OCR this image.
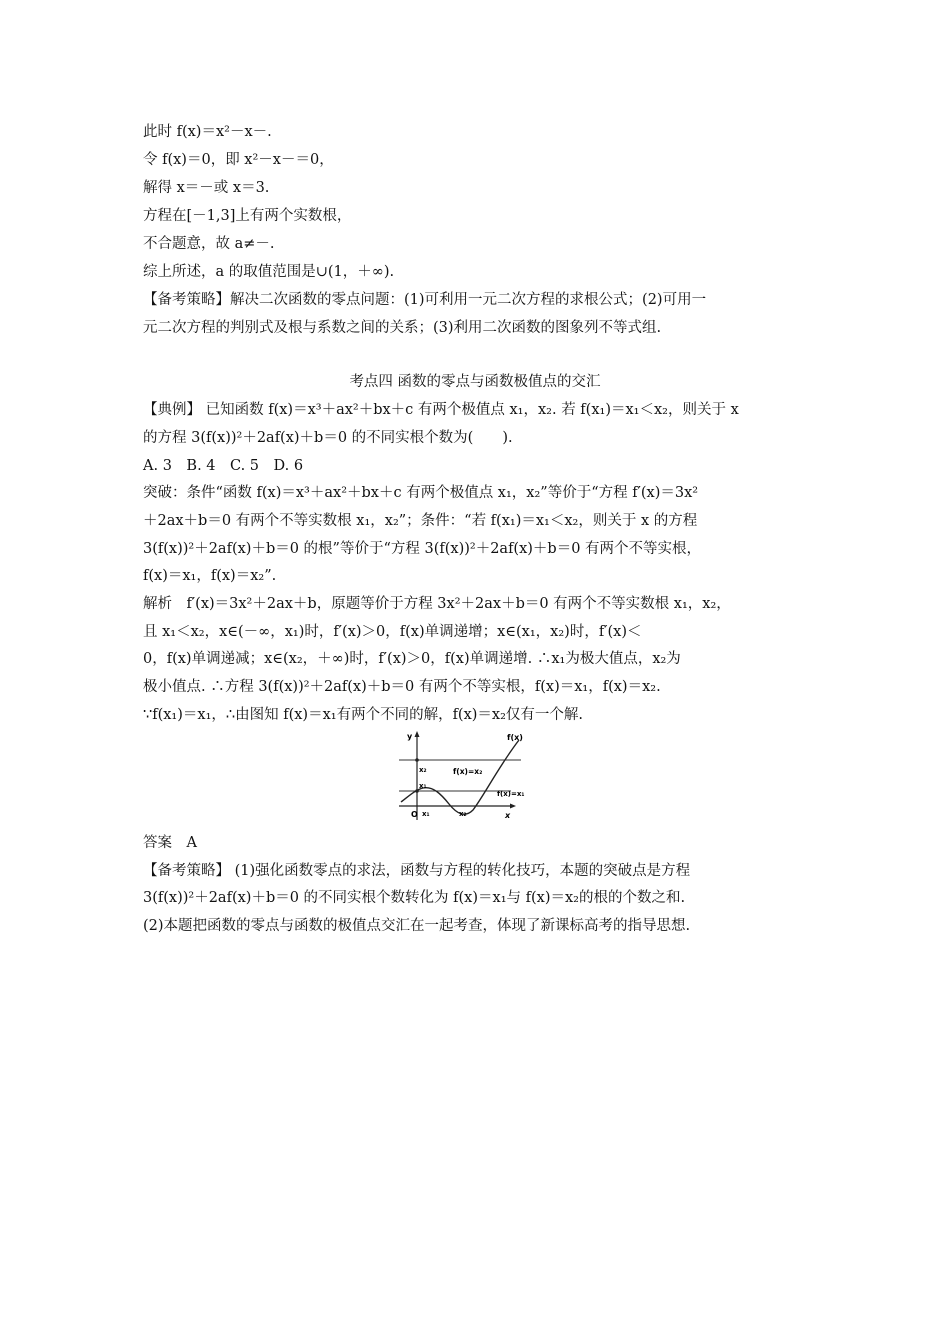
此时 f(x)＝x²－x－.
令 f(x)＝0，即 x²－x－＝0，
解得 x＝－或 x＝3.
方程在[－1,3]上有两个实数根，
不合题意，故 a≠－.
综上所述，a 的取值范围是∪(1，＋∞).
【备考策略】解决二次函数的零点问题：(1)可利用一元二次方程的求根公式；(2)可用一
元二次方程的判别式及根与系数之间的关系；(3)利用二次函数的图象列不等式组.
【典例】 已知函数 f(x)＝x³＋ax²＋bx＋c 有两个极值点 x₁，x₂. 若 f(x₁)＝x₁＜x₂，则关于 x
的方程 3(f(x))²＋2af(x)＋b＝0 的不同实根个数为(　　).
A. 3　B. 4　C. 5　D. 6
突破：条件“函数 f(x)＝x³＋ax²＋bx＋c 有两个极值点 x₁，x₂”等价于“方程 f′(x)＝3x²
＋2ax＋b＝0 有两个不等实数根 x₁，x₂”；条件：“若 f(x₁)＝x₁＜x₂，则关于 x 的方程
3(f(x))²＋2af(x)＋b＝0 的根”等价于“方程 3(f(x))²＋2af(x)＋b＝0 有两个不等实根，
f(x)＝x₁，f(x)＝x₂”.
解析　f′(x)＝3x²＋2ax＋b，原题等价于方程 3x²＋2ax＋b＝0 有两个不等实数根 x₁，x₂，
且 x₁＜x₂，x∈(－∞，x₁)时，f′(x)＞0，f(x)单调递增；x∈(x₁，x₂)时，f′(x)＜
0，f(x)单调递减；x∈(x₂，＋∞)时，f′(x)＞0，f(x)单调递增. ∴x₁为极大值点，x₂为
极小值点. ∴方程 3(f(x))²＋2af(x)＋b＝0 有两个不等实根，f(x)＝x₁，f(x)＝x₂.
∵f(x₁)＝x₁，∴由图知 f(x)＝x₁有两个不同的解，f(x)＝x₂仅有一个解.
答案　A
【备考策略】 (1)强化函数零点的求法，函数与方程的转化技巧，本题的突破点是方程
3(f(x))²＋2af(x)＋b＝0 的不同实根个数转化为 f(x)＝x₁与 f(x)＝x₂的根的个数之和.
(2)本题把函数的零点与函数的极值点交汇在一起考查，体现了新课标高考的指导思想.
考点四 函数的零点与函数极值点的交汇
y
x
O
f(x)
f(x)=x₂
f(x)=x₁
x₂
x₁
x₁	x₂
